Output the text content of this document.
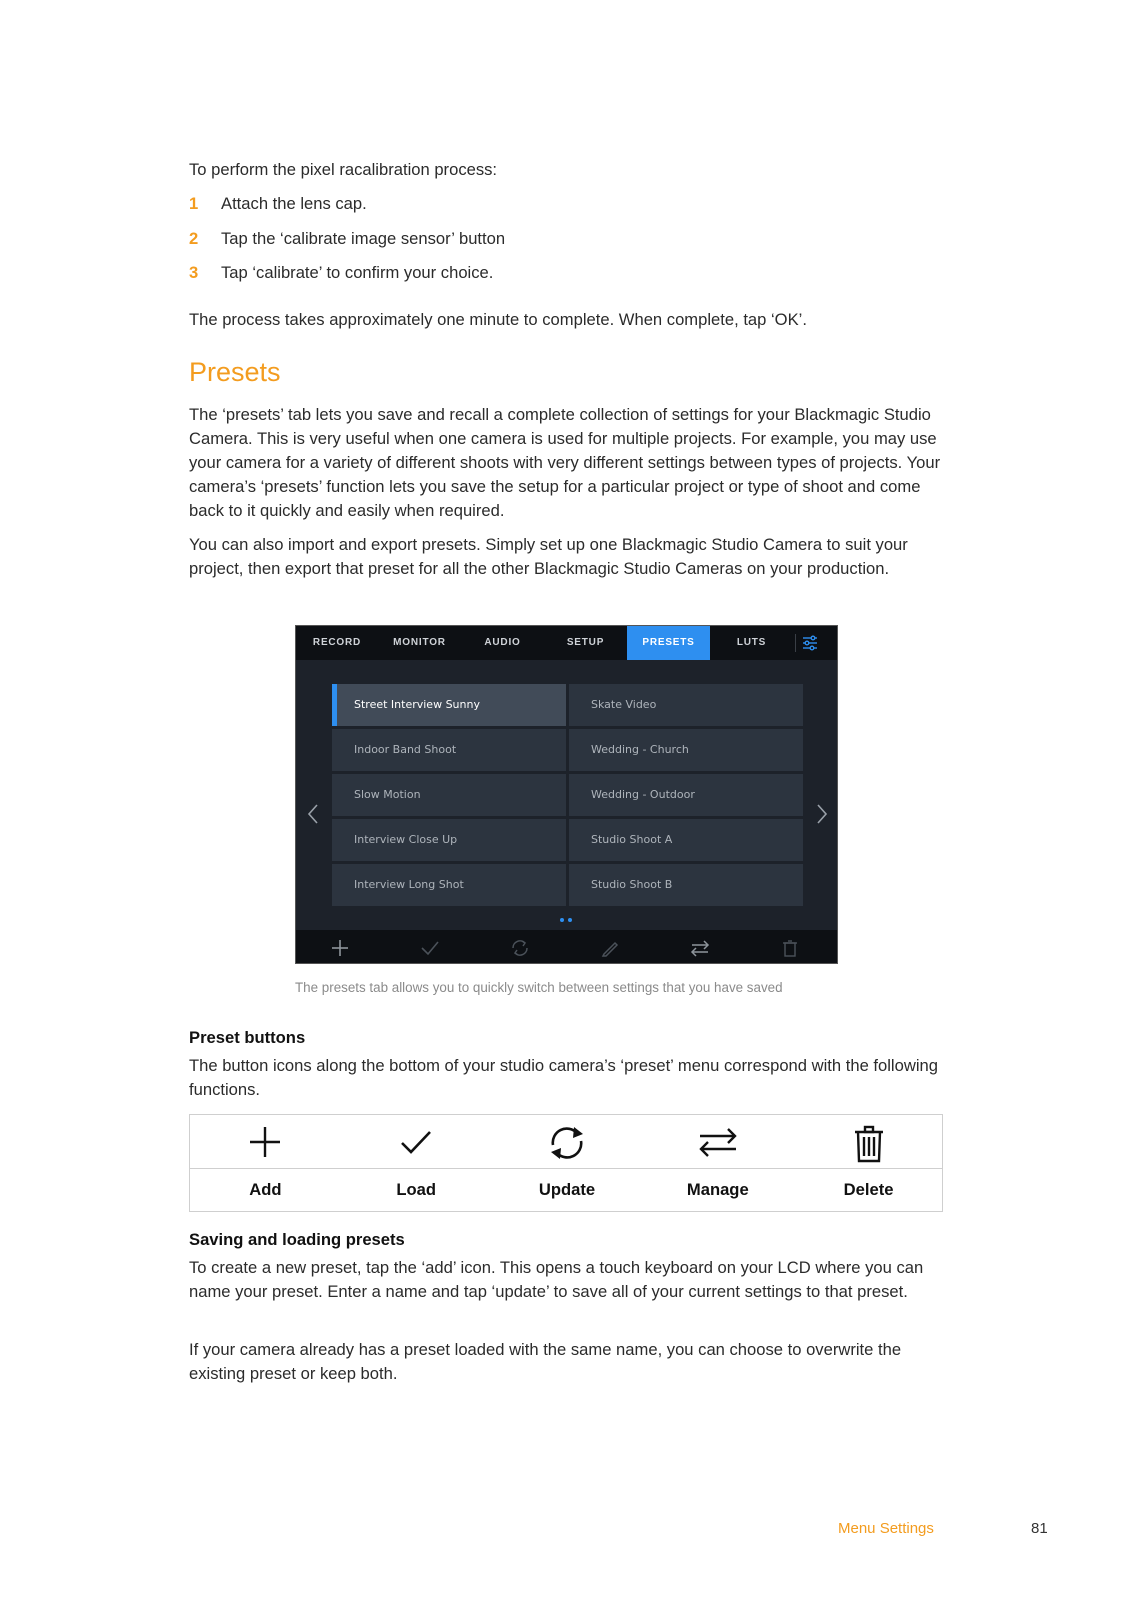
To perform the pixel racalibration process:

1 Attach the lens cap.
2 Tap the ‘calibrate image sensor’ button
3 Tap ‘calibrate’ to confirm your choice.

The process takes approximately one minute to complete. When complete, tap ‘OK’.

Presets

The ‘presets’ tab lets you save and recall a complete collection of settings for your Blackmagic Studio Camera. This is very useful when one camera is used for multiple projects. For example, you may use your camera for a variety of different shoots with very different settings between types of projects. Your camera’s ‘presets’ function lets you save the setup for a particular project or type of shoot and come back to it quickly and easily when required.

You can also import and export presets. Simply set up one Blackmagic Studio Camera to suit your project, then export that preset for all the other Blackmagic Studio Cameras on your production.

RECORD	MONITOR	AUDIO	SETUP	PRESETS	LUTS
Street Interview Sunny	Skate Video
Indoor Band Shoot	Wedding - Church
Slow Motion	Wedding - Outdoor
Interview Close Up	Studio Shoot A
Interview Long Shot	Studio Shoot B
The presets tab allows you to quickly switch between settings that you have saved
Preset buttons

The button icons along the bottom of your studio camera’s ‘preset’ menu correspond with the following functions.

Add	Load	Update	Manage	Delete
Saving and loading presets

To create a new preset, tap the ‘add’ icon. This opens a touch keyboard on your LCD where you can name your preset. Enter a name and tap ‘update’ to save all of your current settings to that preset.

If your camera already has a preset loaded with the same name, you can choose to overwrite the existing preset or keep both.

Menu Settings	81
